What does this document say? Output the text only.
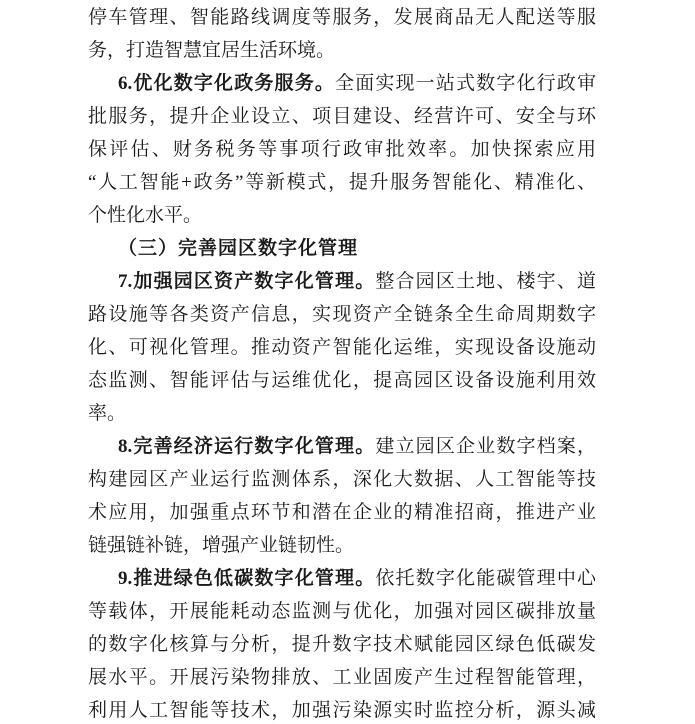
停车管理、智能路线调度等服务，发展商品无人配送等服
务，打造智慧宜居生活环境。
6.优化数字化政务服务。全面实现一站式数字化行政审
批服务，提升企业设立、项目建设、经营许可、安全与环
保评估、财务税务等事项行政审批效率。加快探索应用
“人工智能+政务”等新模式，提升服务智能化、精准化、
个性化水平。
（三）完善园区数字化管理
7.加强园区资产数字化管理。整合园区土地、楼宇、道
路设施等各类资产信息，实现资产全链条全生命周期数字
化、可视化管理。推动资产智能化运维，实现设备设施动
态监测、智能评估与运维优化，提高园区设备设施利用效
率。
8.完善经济运行数字化管理。建立园区企业数字档案，
构建园区产业运行监测体系，深化大数据、人工智能等技
术应用，加强重点环节和潜在企业的精准招商，推进产业
链强链补链，增强产业链韧性。
9.推进绿色低碳数字化管理。依托数字化能碳管理中心
等载体，开展能耗动态监测与优化，加强对园区碳排放量
的数字化核算与分析，提升数字技术赋能园区绿色低碳发
展水平。开展污染物排放、工业固废产生过程智能管理，
利用人工智能等技术，加强污染源实时监控分析，源头减
